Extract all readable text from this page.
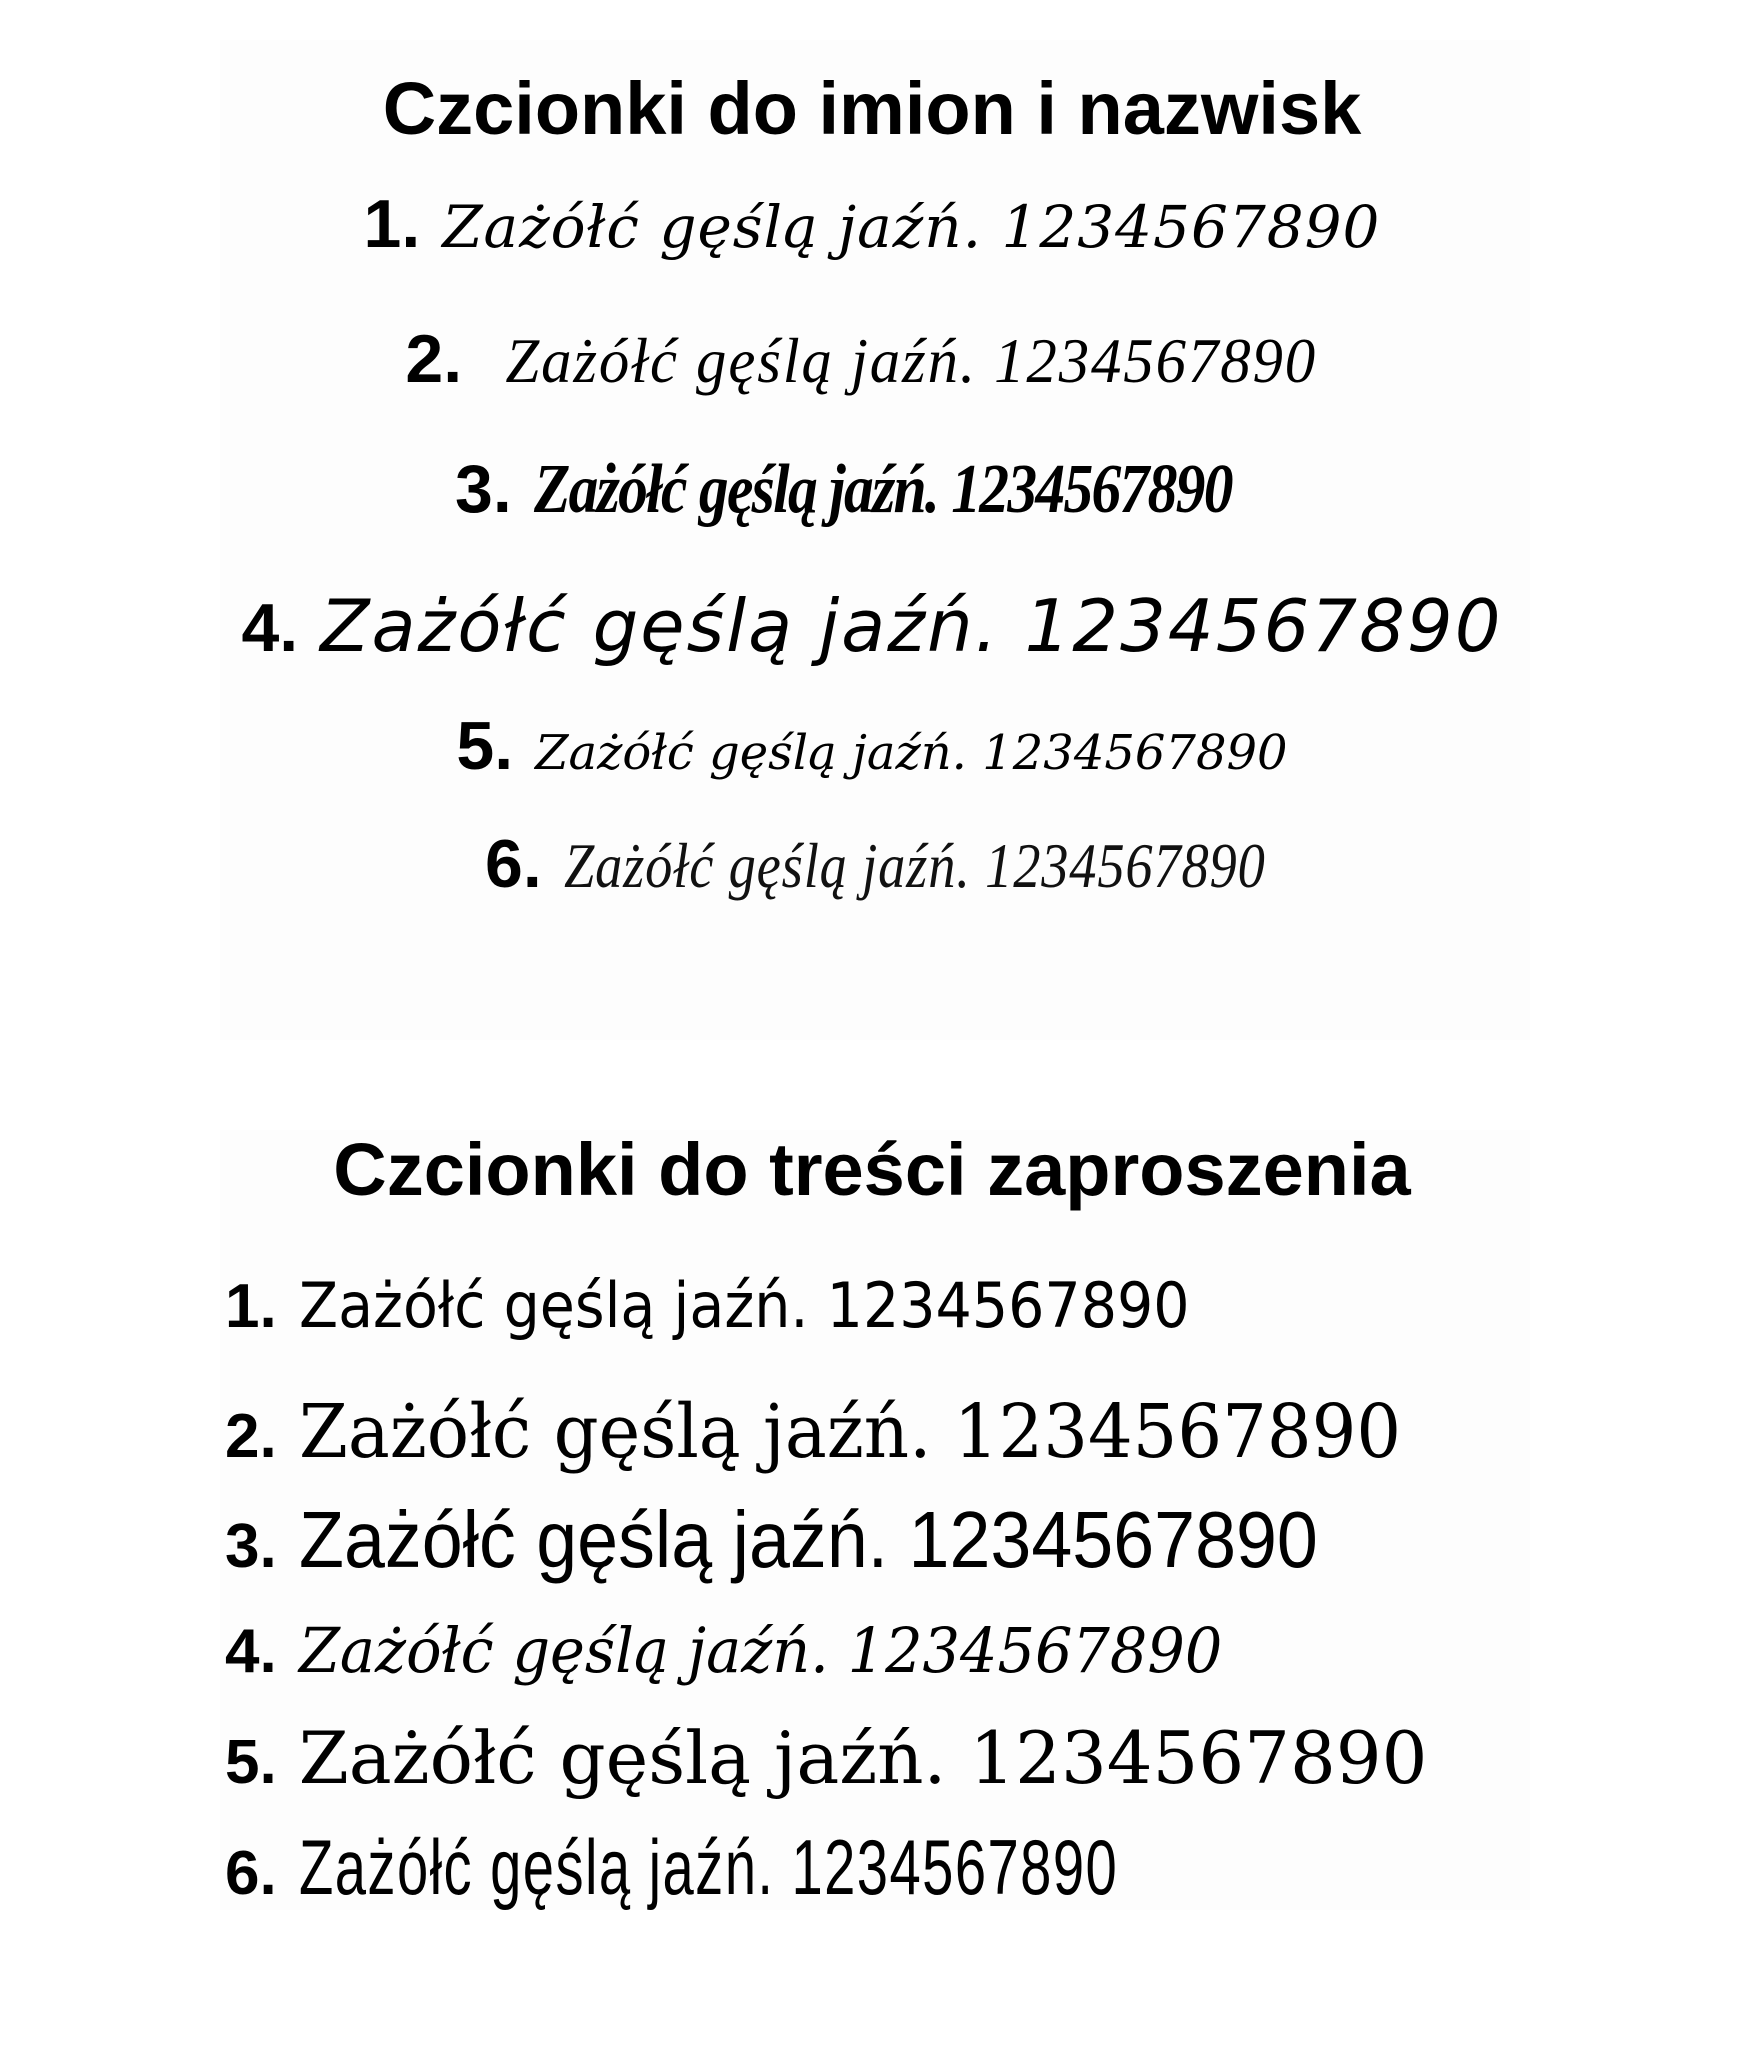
Czcionki do imion i nazwisk
1. Zażółć gęślą jaźń. 1234567890
2. Zażółć gęślą jaźń. 1234567890
3. Zażółć gęślą jaźń. 1234567890
4. Zażółć gęślą jaźń. 1234567890
5. Zażółć gęślą jaźń. 1234567890
6. Zażółć gęślą jaźń. 1234567890
Czcionki do treści zaproszenia
1. Zażółć gęślą jaźń. 1234567890
2. Zażółć gęślą jaźń. 1234567890
3. Zażółć gęślą jaźń. 1234567890
4. Zażółć gęślą jaźń. 1234567890
5. Zażółć gęślą jaźń. 1234567890
6. Zażółć gęślą jaźń. 1234567890
